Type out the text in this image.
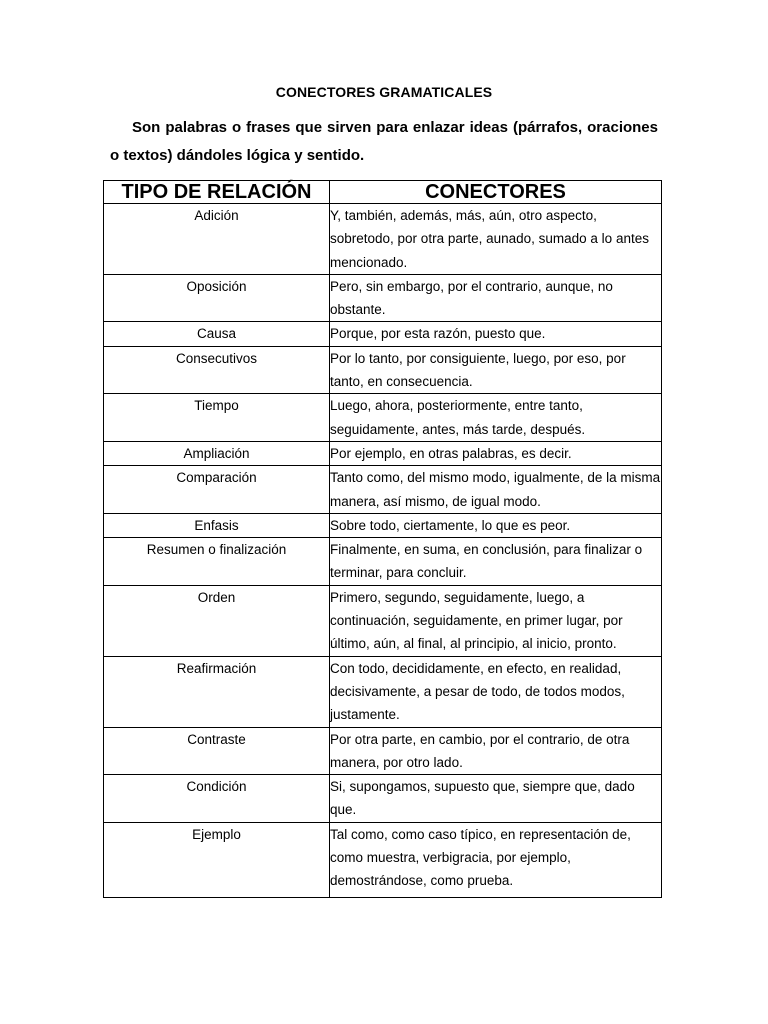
CONECTORES GRAMATICALES
Son palabras o frases que sirven para enlazar ideas (párrafos, oraciones o textos) dándoles lógica y sentido.
TIPO DE RELACIÓN	CONECTORES
Adición	Y, también, además, más, aún, otro aspecto, sobretodo, por otra parte, aunado, sumado a lo antes mencionado.
Oposición	Pero, sin embargo, por el contrario, aunque, no obstante.
Causa	Porque, por esta razón, puesto que.
Consecutivos	Por lo tanto, por consiguiente, luego, por eso, por tanto, en consecuencia.
Tiempo	Luego, ahora, posteriormente, entre tanto, seguidamente, antes, más tarde, después.
Ampliación	Por ejemplo, en otras palabras, es decir.
Comparación	Tanto como, del mismo modo, igualmente, de la misma manera, así mismo, de igual modo.
Enfasis	Sobre todo, ciertamente, lo que es peor.
Resumen o finalización	Finalmente, en suma, en conclusión, para finalizar o terminar, para concluir.
Orden	Primero, segundo, seguidamente, luego, a continuación, seguidamente, en primer lugar, por último, aún, al final, al principio, al inicio, pronto.
Reafirmación	Con todo, decididamente, en efecto, en realidad, decisivamente, a pesar de todo, de todos modos, justamente.
Contraste	Por otra parte, en cambio, por el contrario, de otra manera, por otro lado.
Condición	Si, supongamos, supuesto que, siempre que, dado que.
Ejemplo	Tal como, como caso típico, en representación de, como muestra, verbigracia, por ejemplo, demostrándose, como prueba.
